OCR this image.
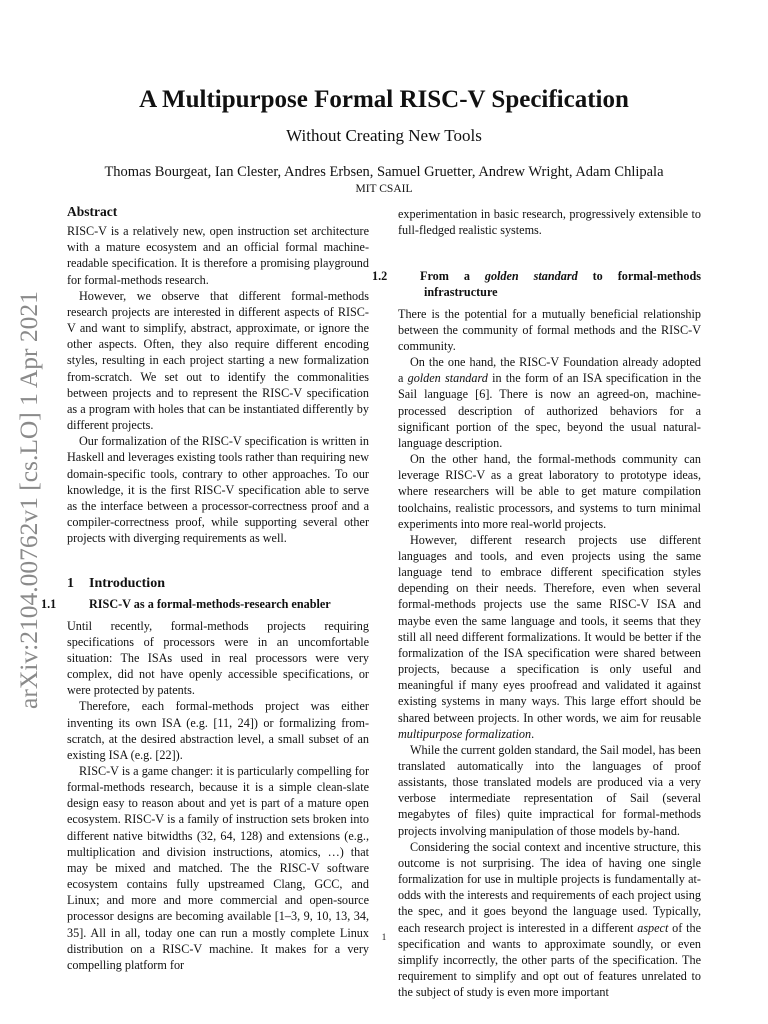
arXiv:2104.00762v1 [cs.LO] 1 Apr 2021
A Multipurpose Formal RISC-V Specification
Without Creating New Tools
Thomas Bourgeat, Ian Clester, Andres Erbsen, Samuel Gruetter, Andrew Wright, Adam Chlipala
MIT CSAIL
Abstract

RISC-V is a relatively new, open instruction set architecture with a mature ecosystem and an official formal machine-readable specification. It is therefore a promising playground for formal-methods research.

However, we observe that different formal-methods research projects are interested in different aspects of RISC-V and want to simplify, abstract, approximate, or ignore the other aspects. Often, they also require different encoding styles, resulting in each project starting a new formalization from-scratch. We set out to identify the commonalities between projects and to represent the RISC-V specification as a program with holes that can be instantiated differently by different projects.

Our formalization of the RISC-V specification is written in Haskell and leverages existing tools rather than requiring new domain-specific tools, contrary to other approaches. To our knowledge, it is the first RISC-V specification able to serve as the interface between a processor-correctness proof and a compiler-correctness proof, while supporting several other projects with diverging requirements as well.

1 Introduction
1.1	RISC-V as a formal-methods-research enabler

Until recently, formal-methods projects requiring specifications of processors were in an uncomfortable situation: The ISAs used in real processors were very complex, did not have openly accessible specifications, or were protected by patents.

Therefore, each formal-methods project was either inventing its own ISA (e.g. [11, 24]) or formalizing from-scratch, at the desired abstraction level, a small subset of an existing ISA (e.g. [22]).

RISC-V is a game changer: it is particularly compelling for formal-methods research, because it is a simple clean-slate design easy to reason about and yet is part of a mature open ecosystem. RISC-V is a family of instruction sets broken into different native bitwidths (32, 64, 128) and extensions (e.g., multiplication and division instructions, atomics, …) that may be mixed and matched. The the RISC-V software ecosystem contains fully upstreamed Clang, GCC, and Linux; and more and more commercial and open-source processor designs are becoming available [1–3, 9, 10, 13, 34, 35]. All in all, today one can run a mostly complete Linux distribution on a RISC-V machine. It makes for a very compelling platform for

experimentation in basic research, progressively extensible to full-fledged realistic systems.

1.2	From a golden standard to formal-methods infrastructure

There is the potential for a mutually beneficial relationship between the community of formal methods and the RISC-V community.

On the one hand, the RISC-V Foundation already adopted a golden standard in the form of an ISA specification in the Sail language [6]. There is now an agreed-on, machine-processed description of authorized behaviors for a significant portion of the spec, beyond the usual natural-language description.

On the other hand, the formal-methods community can leverage RISC-V as a great laboratory to prototype ideas, where researchers will be able to get mature compilation toolchains, realistic processors, and systems to turn minimal experiments into more real-world projects.

However, different research projects use different languages and tools, and even projects using the same language tend to embrace different specification styles depending on their needs. Therefore, even when several formal-methods projects use the same RISC-V ISA and maybe even the same language and tools, it seems that they still all need different formalizations. It would be better if the formalization of the ISA specification were shared between projects, because a specification is only useful and meaningful if many eyes proofread and validated it against existing systems in many ways. This large effort should be shared between projects. In other words, we aim for reusable multipurpose formalization.

While the current golden standard, the Sail model, has been translated automatically into the languages of proof assistants, those translated models are produced via a very verbose intermediate representation of Sail (several megabytes of files) quite impractical for formal-methods projects involving manipulation of those models by-hand.

Considering the social context and incentive structure, this outcome is not surprising. The idea of having one single formalization for use in multiple projects is fundamentally at-odds with the interests and requirements of each project using the spec, and it goes beyond the language used. Typically, each research project is interested in a different aspect of the specification and wants to approximate soundly, or even simplify incorrectly, the other parts of the specification. The requirement to simplify and opt out of features unrelated to the subject of study is even more important

1
